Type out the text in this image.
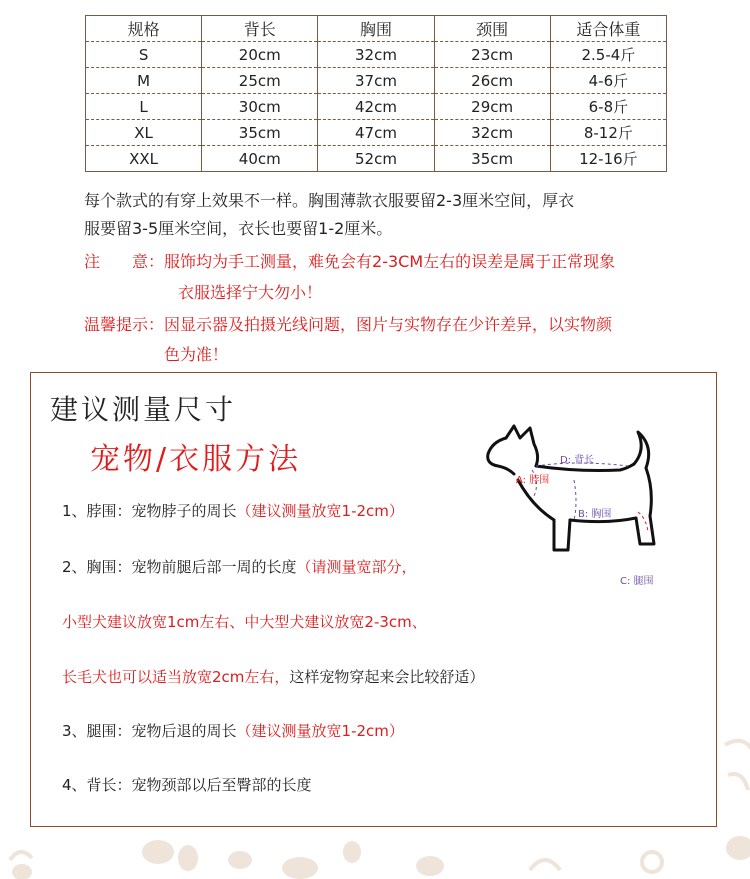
规格	背长	胸围	颈围	适合体重
S	20cm	32cm	23cm	2.5-4斤
M	25cm	37cm	26cm	4-6斤
L	30cm	42cm	29cm	6-8斤
XL	35cm	47cm	32cm	8-12斤
XXL	40cm	52cm	35cm	12-16斤
每个款式的有穿上效果不一样。胸围薄款衣服要留2-3厘米空间，厚衣
服要留3-5厘米空间，衣长也要留1-2厘米。
注　　意：服饰均为手工测量，难免会有2-3CM左右的误差是属于正常现象
衣服选择宁大勿小！
温馨提示：因显示器及拍摄光线问题，图片与实物存在少许差异，以实物颜
色为准！
建议测量尺寸
宠物/衣服方法
1、脖围：宠物脖子的周长（建议测量放宽1-2cm）
2、胸围：宠物前腿后部一周的长度（请测量宽部分，
小型犬建议放宽1cm左右、中大型犬建议放宽2-3cm、
长毛犬也可以适当放宽2cm左右，这样宠物穿起来会比较舒适）
3、腿围：宠物后退的周长（建议测量放宽1-2cm）
4、背长：宠物颈部以后至臀部的长度
D: 背长
A: 脖围
B: 胸围
C: 腿围
